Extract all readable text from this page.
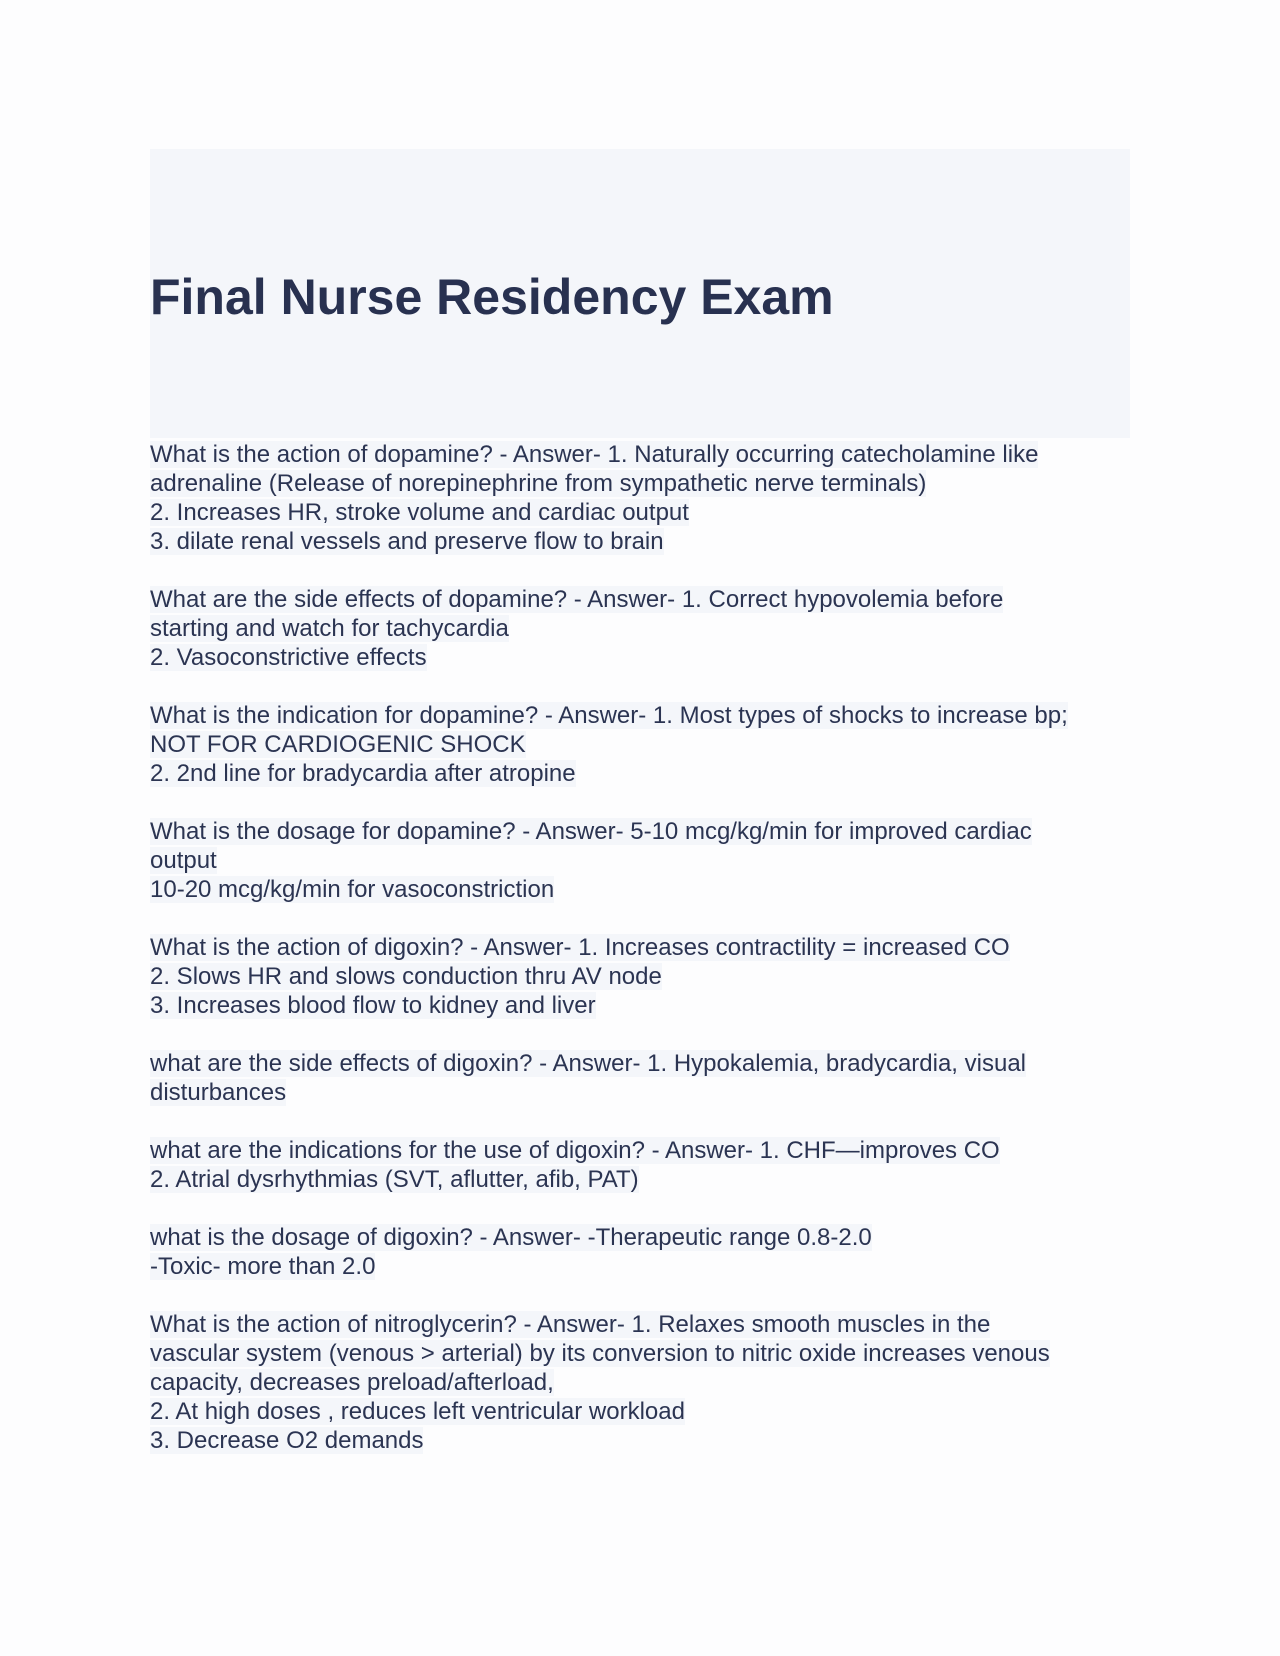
Final Nurse Residency Exam
What is the action of dopamine? - Answer- 1. Naturally occurring catecholamine like
adrenaline (Release of norepinephrine from sympathetic nerve terminals)
2. Increases HR, stroke volume and cardiac output
3. dilate renal vessels and preserve flow to brain
What are the side effects of dopamine? - Answer- 1. Correct hypovolemia before
starting and watch for tachycardia
2. Vasoconstrictive effects
What is the indication for dopamine? - Answer- 1. Most types of shocks to increase bp;
NOT FOR CARDIOGENIC SHOCK
2. 2nd line for bradycardia after atropine
What is the dosage for dopamine? - Answer- 5-10 mcg/kg/min for improved cardiac
output
10-20 mcg/kg/min for vasoconstriction
What is the action of digoxin? - Answer- 1. Increases contractility = increased CO
2. Slows HR and slows conduction thru AV node
3. Increases blood flow to kidney and liver
what are the side effects of digoxin? - Answer- 1. Hypokalemia, bradycardia, visual
disturbances
what are the indications for the use of digoxin? - Answer- 1. CHF—improves CO
2. Atrial dysrhythmias (SVT, aflutter, afib, PAT)
what is the dosage of digoxin? - Answer- -Therapeutic range 0.8-2.0
-Toxic- more than 2.0
What is the action of nitroglycerin? - Answer- 1. Relaxes smooth muscles in the
vascular system (venous > arterial) by its conversion to nitric oxide increases venous
capacity, decreases preload/afterload,
2. At high doses , reduces left ventricular workload
3. Decrease O2 demands
